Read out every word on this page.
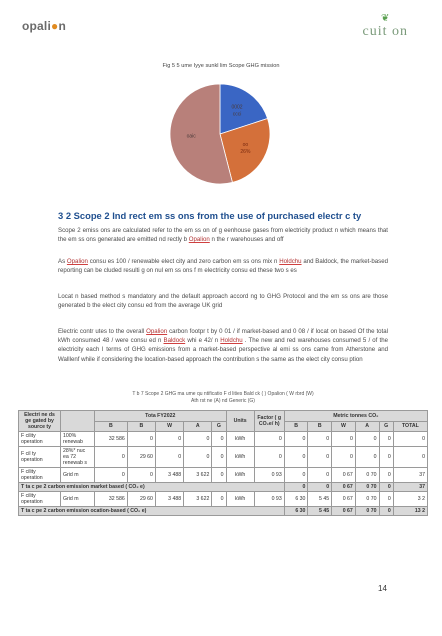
opali●n
❦
cuit on
Fig 5 5 ume Iyye sunkl lim Scope GHG mission
0002
ccci
oo
26%
oaic
3 2 Scope 2 Ind rect em ss ons from the use of purchased electr c ty
Scope 2 emiss ons are calculated refer to the em ss on of g eenhouse gases from electricity product n which means that the em ss ons generated are emitted nd rectly b Opalion n the r warehouses and off
As Opalion consu es 100 / renewable elect city and zero carbon em ss ons mix n Holdchu and Baldock, the market-based reporting can be cluded resulti g on nul em ss ons f m electricity consu ed these two s es
Locat n based method s mandatory and the default approach accord ng to GHG Protocol and the em ss ons are those generated b the elect city consu ed from the average UK grid
Electric contr utes to the overall Opalion carbon footpr t by 0 01 / if market-based and 0 08 / if locat on based Of the total kWh consumed 48 / were consu ed n Baldock whi e 42/ n Holdchu . The new and red warehouses consumed 5 / of the electricity each I terms of GHG emissions from a market-based perspective al emi ss ons came from Atherstone and Walllenf while if considering the location-based approach the contribution s the same as the elect city consu ption
T b 7 Scope 2 GHG ma ume qu ntificatio F d lities Bald ck ( ) Opalion ( W rbrd (W)
Ath rst ne (A) nd Generic (G)
Electri ne ds ge gated by source ty		Tota FY2022					Units	Factor ( g CO₂e/ h)	Metric tonnes CO₂					
		B	B	W	A	G			B	B	W	A	G	TOTAL
F cility operation	100% renewab	32 586	0	0	0	0	kWh	0	0	0	0	0	0	0
F cil ty operation	28%* nuc ea 72 renewab s	0	29 60	0	0	0	kWh	0	0	0	0	0	0	0
F cility operation	Grid m	0	0	3 488	3 622	0	kWh	0 93	0	0	0 67	0 70	0	37
T ta c pe 2 carbon emission market based ( CO₂ e)									0	0	0 67	0 70	0	37
F cility operation	Grid m	32 586	29 60	3 488	3 622	0	kWh	0 93	6 30	5 45	0 67	0 70	0	3 2
T ta c pe 2 carbon emission ocation-based ( CO₂ e)									6 30	5 45	0 67	0 70	0	13 2
14
